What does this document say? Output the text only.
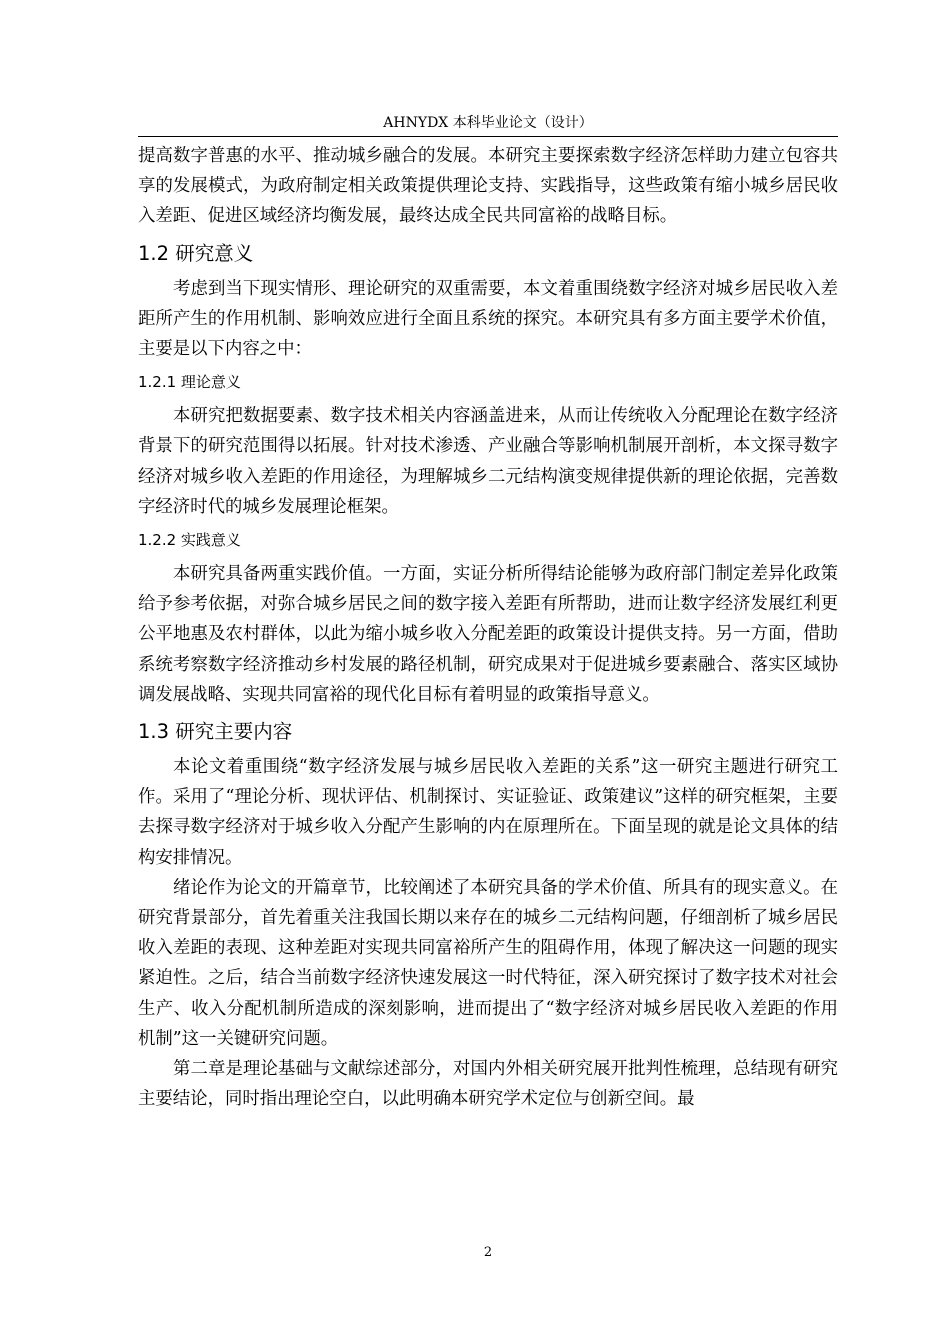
AHNYDX 本科毕业论文（设计）

提高数字普惠的水平、推动城乡融合的发展。本研究主要探索数字经济怎样助力建立包容共享的发展模式，为政府制定相关政策提供理论支持、实践指导，这些政策有缩小城乡居民收入差距、促进区域经济均衡发展，最终达成全民共同富裕的战略目标。

1.2 研究意义

考虑到当下现实情形、理论研究的双重需要，本文着重围绕数字经济对城乡居民收入差距所产生的作用机制、影响效应进行全面且系统的探究。本研究具有多方面主要学术价值，主要是以下内容之中：

1.2.1 理论意义

本研究把数据要素、数字技术相关内容涵盖进来，从而让传统收入分配理论在数字经济背景下的研究范围得以拓展。针对技术渗透、产业融合等影响机制展开剖析，本文探寻数字经济对城乡收入差距的作用途径，为理解城乡二元结构演变规律提供新的理论依据，完善数字经济时代的城乡发展理论框架。

1.2.2 实践意义

本研究具备两重实践价值。一方面，实证分析所得结论能够为政府部门制定差异化政策给予参考依据，对弥合城乡居民之间的数字接入差距有所帮助，进而让数字经济发展红利更公平地惠及农村群体，以此为缩小城乡收入分配差距的政策设计提供支持。另一方面，借助系统考察数字经济推动乡村发展的路径机制，研究成果对于促进城乡要素融合、落实区域协调发展战略、实现共同富裕的现代化目标有着明显的政策指导意义。

1.3 研究主要内容

本论文着重围绕“数字经济发展与城乡居民收入差距的关系”这一研究主题进行研究工作。采用了“理论分析、现状评估、机制探讨、实证验证、政策建议”这样的研究框架，主要去探寻数字经济对于城乡收入分配产生影响的内在原理所在。下面呈现的就是论文具体的结构安排情况。

绪论作为论文的开篇章节，比较阐述了本研究具备的学术价值、所具有的现实意义。在研究背景部分，首先着重关注我国长期以来存在的城乡二元结构问题，仔细剖析了城乡居民收入差距的表现、这种差距对实现共同富裕所产生的阻碍作用，体现了解决这一问题的现实紧迫性。之后，结合当前数字经济快速发展这一时代特征，深入研究探讨了数字技术对社会生产、收入分配机制所造成的深刻影响，进而提出了“数字经济对城乡居民收入差距的作用机制”这一关键研究问题。

第二章是理论基础与文献综述部分，对国内外相关研究展开批判性梳理，总结现有研究主要结论，同时指出理论空白，以此明确本研究学术定位与创新空间。最

2
